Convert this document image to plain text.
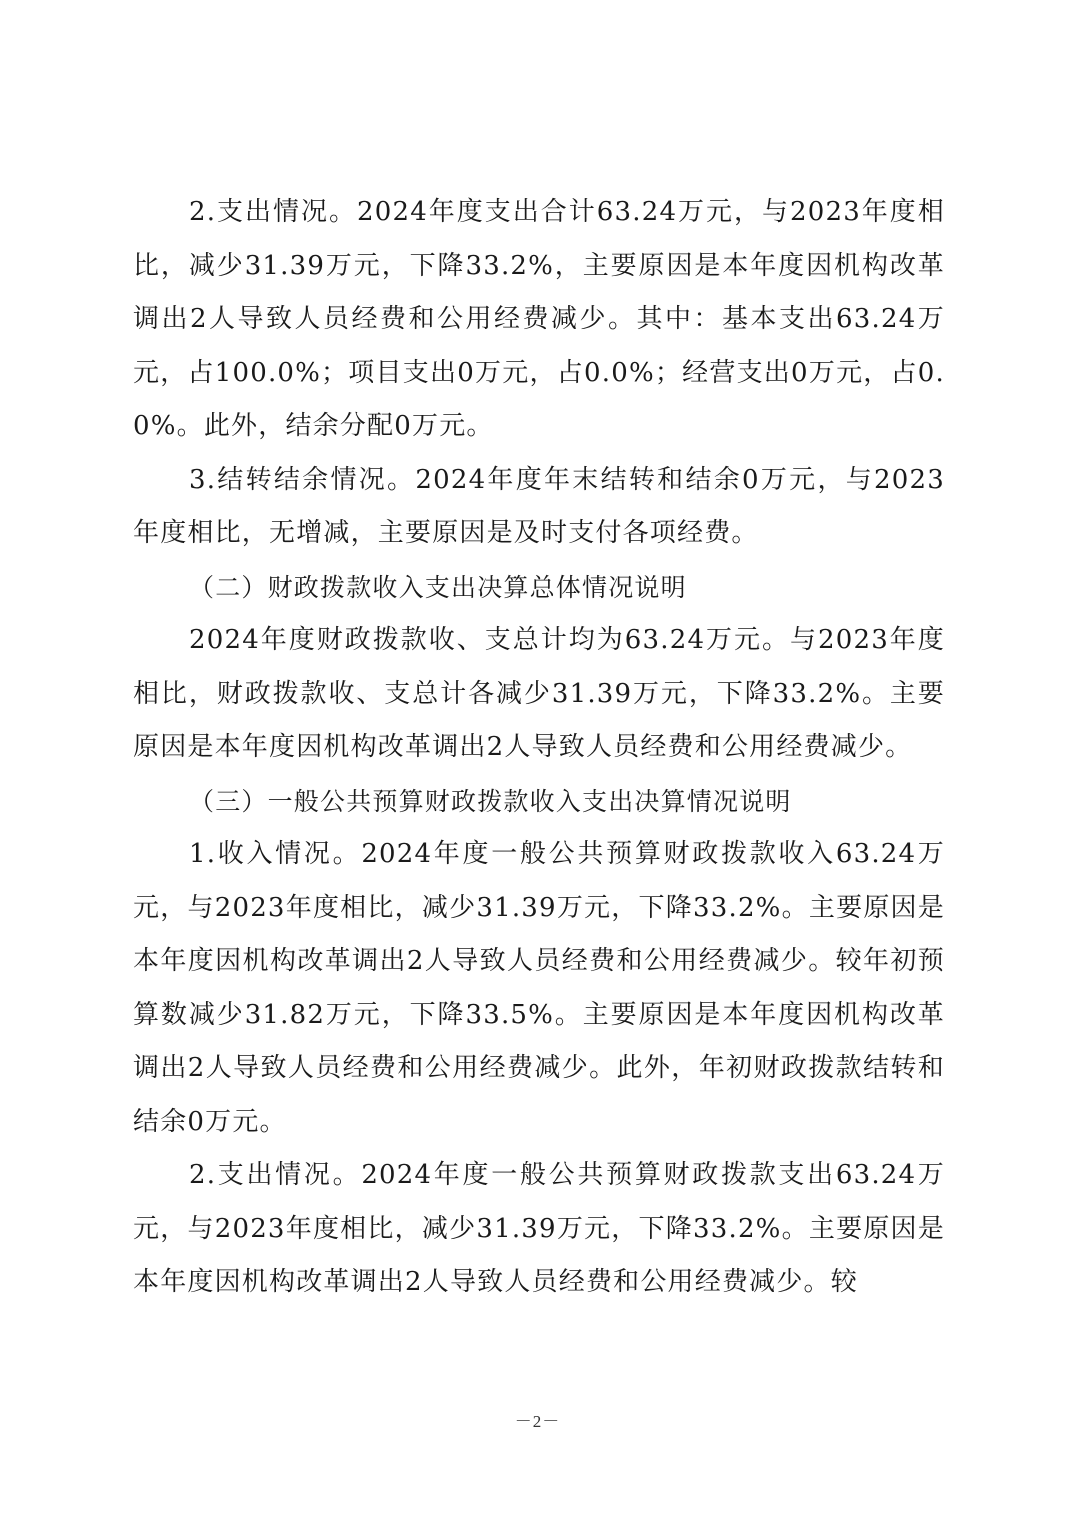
2.支出情况。2024年度支出合计63.24万元，与2023年度相比，减少31.39万元，下降33.2%，主要原因是本年度因机构改革调出2人导致人员经费和公用经费减少。其中：基本支出63.24万元，占100.0%；项目支出0万元，占0.0%；经营支出0万元，占0.0%。此外，结余分配0万元。

3.结转结余情况。2024年度年末结转和结余0万元，与2023年度相比，无增减，主要原因是及时支付各项经费。

（二）财政拨款收入支出决算总体情况说明

2024年度财政拨款收、支总计均为63.24万元。与2023年度相比，财政拨款收、支总计各减少31.39万元，下降33.2%。主要原因是本年度因机构改革调出2人导致人员经费和公用经费减少。

（三）一般公共预算财政拨款收入支出决算情况说明

1.收入情况。2024年度一般公共预算财政拨款收入63.24万元，与2023年度相比，减少31.39万元，下降33.2%。主要原因是本年度因机构改革调出2人导致人员经费和公用经费减少。较年初预算数减少31.82万元，下降33.5%。主要原因是本年度因机构改革调出2人导致人员经费和公用经费减少。此外，年初财政拨款结转和结余0万元。

2.支出情况。2024年度一般公共预算财政拨款支出63.24万元，与2023年度相比，减少31.39万元，下降33.2%。主要原因是本年度因机构改革调出2人导致人员经费和公用经费减少。较

－2－
